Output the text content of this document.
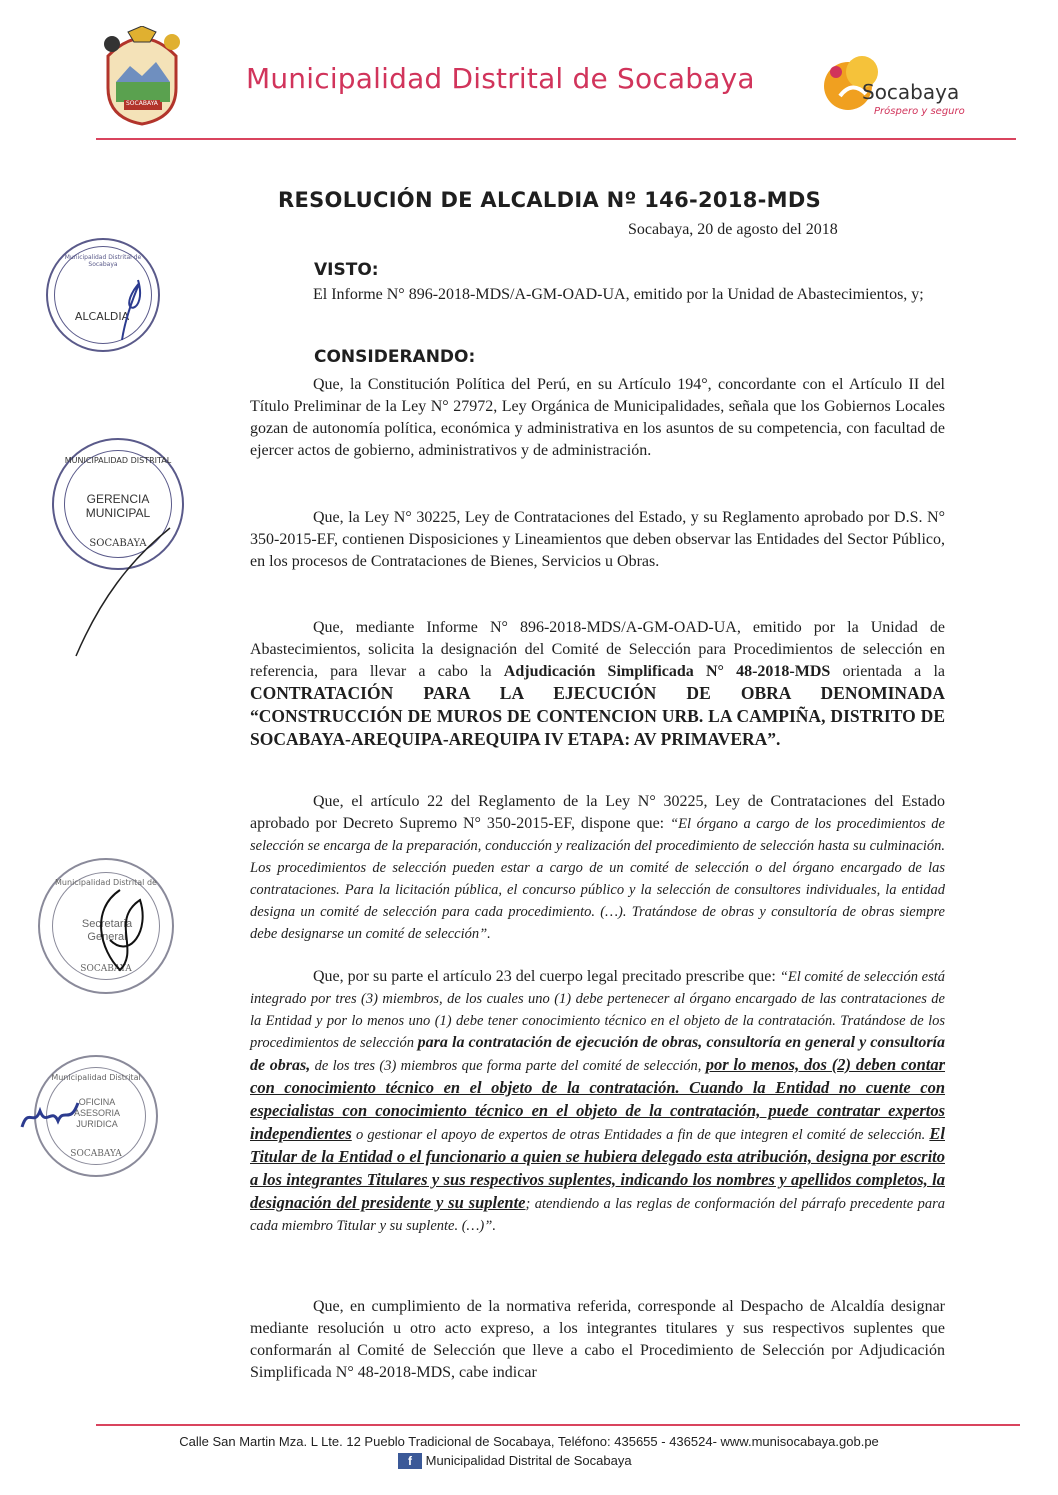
SOCABAYA
Municipalidad Distrital de Socabaya	Socabaya
Próspero y seguro
RESOLUCIÓN DE ALCALDIA Nº 146-2018-MDS
Socabaya, 20 de agosto del 2018
Municipalidad Distrital de Socabaya
ALCALDIA
MUNICIPALIDAD DISTRITAL
GERENCIA MUNICIPAL
SOCABAYA
Municipalidad Distrital de
Secretaria General
SOCABAYA
Municipalidad Distrital
OFICINA ASESORIA JURIDICA
SOCABAYA
VISTO:

El Informe N° 896-2018-MDS/A-GM-OAD-UA, emitido por la Unidad de Abastecimientos, y;

CONSIDERANDO:

Que, la Constitución Política del Perú, en su Artículo 194°, concordante con el Artículo II del Título Preliminar de la Ley N° 27972, Ley Orgánica de Municipalidades, señala que los Gobiernos Locales gozan de autonomía política, económica y administrativa en los asuntos de su competencia, con facultad de ejercer actos de gobierno, administrativos y de administración.

Que, la Ley N° 30225, Ley de Contrataciones del Estado, y su Reglamento aprobado por D.S. N° 350-2015-EF, contienen Disposiciones y Lineamientos que deben observar las Entidades del Sector Público, en los procesos de Contrataciones de Bienes, Servicios u Obras.

Que, mediante Informe N° 896-2018-MDS/A-GM-OAD-UA, emitido por la Unidad de Abastecimientos, solicita la designación del Comité de Selección para Procedimientos de selección en referencia, para llevar a cabo la Adjudicación Simplificada N° 48-2018-MDS orientada a la CONTRATACIÓN PARA LA EJECUCIÓN DE OBRA DENOMINADA “CONSTRUCCIÓN DE MUROS DE CONTENCION URB. LA CAMPIÑA, DISTRITO DE SOCABAYA-AREQUIPA-AREQUIPA IV ETAPA: AV PRIMAVERA”.

Que, el artículo 22 del Reglamento de la Ley N° 30225, Ley de Contrataciones del Estado aprobado por Decreto Supremo N° 350-2015-EF, dispone que: “El órgano a cargo de los procedimientos de selección se encarga de la preparación, conducción y realización del procedimiento de selección hasta su culminación. Los procedimientos de selección pueden estar a cargo de un comité de selección o del órgano encargado de las contrataciones. Para la licitación pública, el concurso público y la selección de consultores individuales, la entidad designa un comité de selección para cada procedimiento. (…). Tratándose de obras y consultoría de obras siempre debe designarse un comité de selección”.

Que, por su parte el artículo 23 del cuerpo legal precitado prescribe que: “El comité de selección está integrado por tres (3) miembros, de los cuales uno (1) debe pertenecer al órgano encargado de las contrataciones de la Entidad y por lo menos uno (1) debe tener conocimiento técnico en el objeto de la contratación. Tratándose de los procedimientos de selección para la contratación de ejecución de obras, consultoría en general y consultoría de obras, de los tres (3) miembros que forma parte del comité de selección, por lo menos, dos (2) deben contar con conocimiento técnico en el objeto de la contratación. Cuando la Entidad no cuente con especialistas con conocimiento técnico en el objeto de la contratación, puede contratar expertos independientes o gestionar el apoyo de expertos de otras Entidades a fin de que integren el comité de selección. El Titular de la Entidad o el funcionario a quien se hubiera delegado esta atribución, designa por escrito a los integrantes Titulares y sus respectivos suplentes, indicando los nombres y apellidos completos, la designación del presidente y su suplente; atendiendo a las reglas de conformación del párrafo precedente para cada miembro Titular y su suplente. (…)”.

Que, en cumplimiento de la normativa referida, corresponde al Despacho de Alcaldía designar mediante resolución u otro acto expreso, a los integrantes titulares y sus respectivos suplentes que conformarán al Comité de Selección que lleve a cabo el Procedimiento de Selección por Adjudicación Simplificada N° 48-2018-MDS, cabe indicar

Calle San Martin Mza. L Lte. 12 Pueblo Tradicional de Socabaya, Teléfono: 435655 - 436524- www.munisocabaya.gob.pe
f Municipalidad Distrital de Socabaya
